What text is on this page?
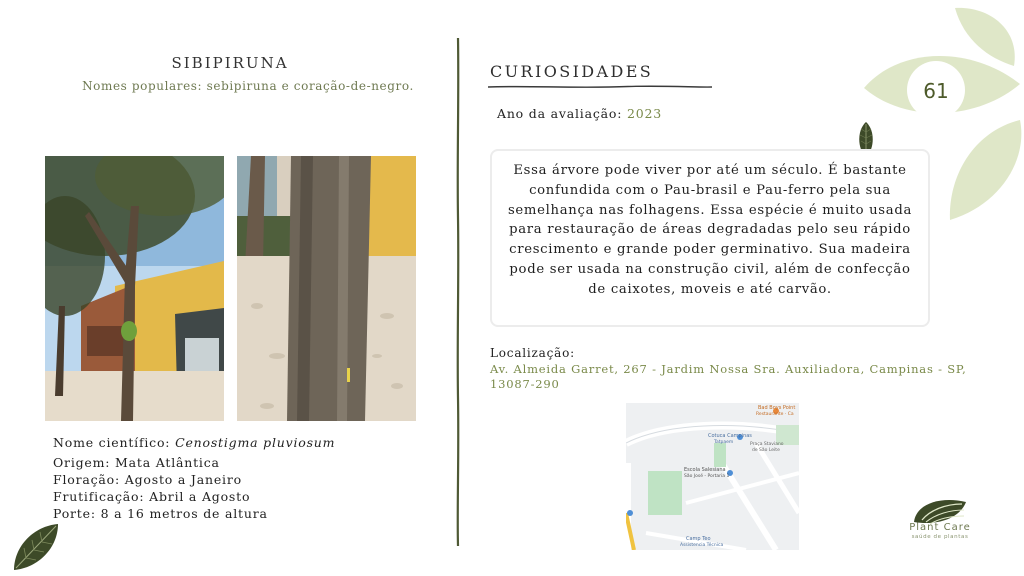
61
SIBIPIRUNA
Nomes populares: sebipiruna e coração-de-negro.
Nome científico: Cenostigma pluviosum
Origem: Mata Atlântica
Floração: Agosto a Janeiro
Frutificação: Abril a Agosto
Porte: 8 a 16 metros de altura
CURIOSIDADES
Ano da avaliação: 2023

Essa árvore pode viver por até um século. É bastante confundida com o Pau-brasil e Pau-ferro pela sua semelhança nas folhagens. Essa espécie é muito usada para restauração de áreas degradadas pelo seu rápido crescimento e grande poder germinativo. Sua madeira pode ser usada na construção civil, além de confecção de caixotes, moveis e até carvão.

Localização:
Av. Almeida Garret, 267 - Jardim Nossa Sra. Auxiliadora, Campinas - SP, 13087-290
Bad Boys Point
Restaurante · Ca
Cotuca Campinas
Tatpaem	Praça Staviano
de São Leite
Escola Salesiana
São José - Portaria 1
Camp Teo
Assistencia Técnica
Plant Care
saúde de plantas
